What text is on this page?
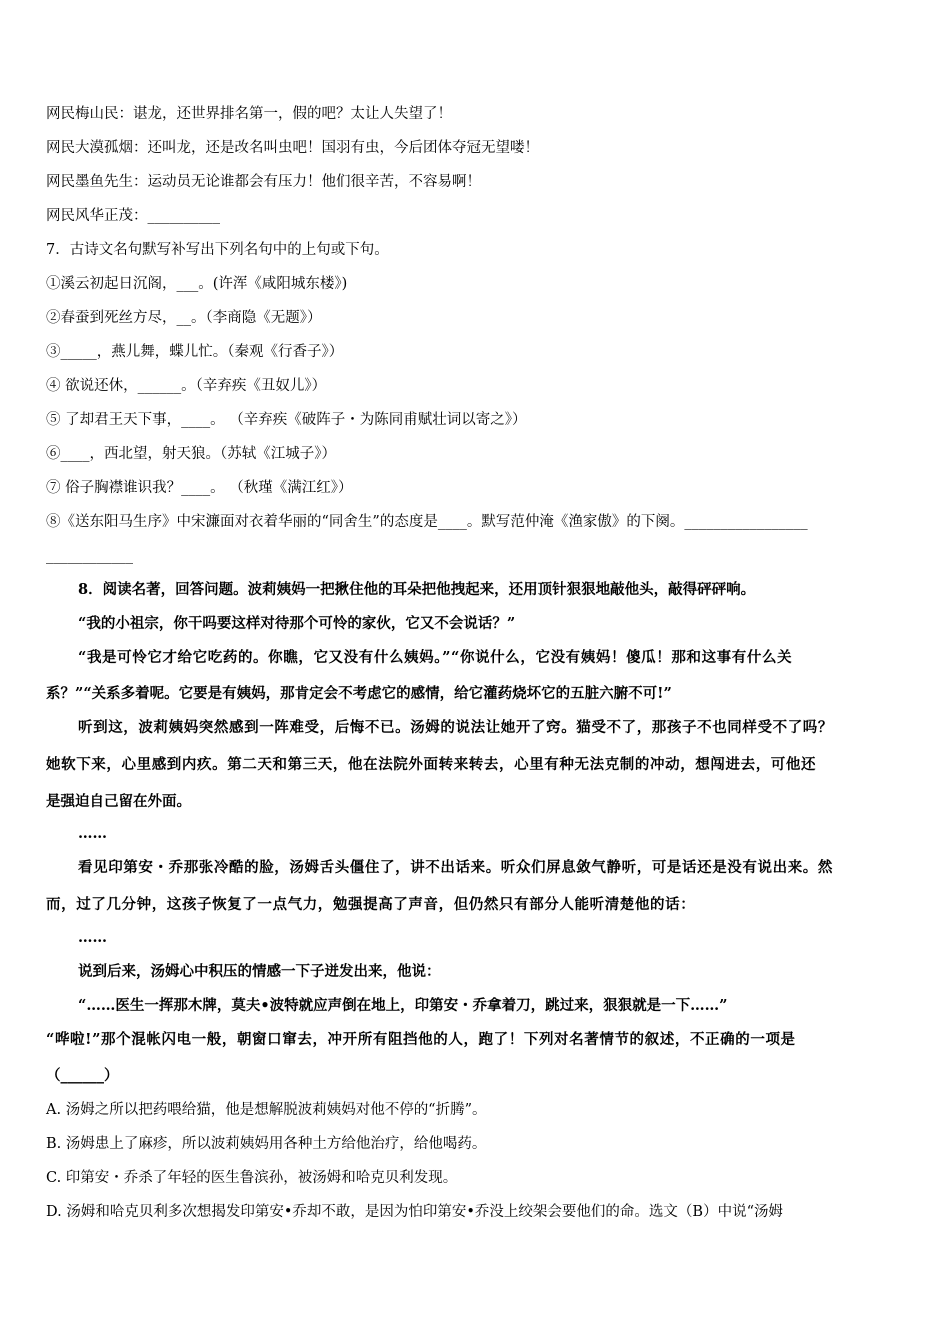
网民梅山民：谌龙，还世界排名第一，假的吧？太让人失望了！
网民大漠孤烟：还叫龙，还是改名叫虫吧！国羽有虫，今后团体夺冠无望喽！
网民墨鱼先生：运动员无论谁都会有压力！他们很辛苦，不容易啊！
网民风华正茂：__________
7．古诗文名句默写补写出下列名句中的上句或下句。
①溪云初起日沉阁，___。(许浑《咸阳城东楼》)
②春蚕到死丝方尽，__。（李商隐《无题》）
③_____，燕儿舞，蝶儿忙。（秦观《行香子》）
④ 欲说还休，______。（辛弃疾《丑奴儿》）
⑤ 了却君王天下事，____。 （辛弃疾《破阵子・为陈同甫赋壮词以寄之》）
⑥____，西北望，射天狼。（苏轼《江城子》）
⑦ 俗子胸襟谁识我？____。 （秋瑾《满江红》）
⑧《送东阳马生序》中宋濂面对衣着华丽的“同舍生”的态度是____。默写范仲淹《渔家傲》的下阕。_________________
____________
8．阅读名著，回答问题。波莉姨妈一把揪住他的耳朵把他拽起来，还用顶针狠狠地敲他头，敲得砰砰响。
“我的小祖宗，你干吗要这样对待那个可怜的家伙，它又不会说话？”
“我是可怜它才给它吃药的。你瞧，它又没有什么姨妈。”“你说什么，它没有姨妈！傻瓜！那和这事有什么关
系？”“关系多着呢。它要是有姨妈，那肯定会不考虑它的感情，给它灌药烧坏它的五脏六腑不可!”
听到这，波莉姨妈突然感到一阵难受，后悔不已。汤姆的说法让她开了窍。猫受不了，那孩子不也同样受不了吗？
她软下来，心里感到内疚。第二天和第三天，他在法院外面转来转去，心里有种无法克制的冲动，想闯进去，可他还
是强迫自己留在外面。
……
看见印第安・乔那张冷酷的脸，汤姆舌头僵住了，讲不出话来。听众们屏息敛气静听，可是话还是没有说出来。然
而，过了几分钟，这孩子恢复了一点气力，勉强提高了声音，但仍然只有部分人能听清楚他的话：
……
说到后来，汤姆心中积压的情感一下子迸发出来，他说：
“……医生一挥那木牌，莫夫•波特就应声倒在地上，印第安・乔拿着刀，跳过来，狠狠就是一下……”
“哗啦!”那个混帐闪电一般，朝窗口窜去，冲开所有阻挡他的人，跑了！下列对名著情节的叙述，不正确的一项是
（______）
A. 汤姆之所以把药喂给猫，他是想解脱波莉姨妈对他不停的“折腾”。
B. 汤姆患上了麻疹，所以波莉姨妈用各种土方给他治疗，给他喝药。
C. 印第安・乔杀了年轻的医生鲁滨孙，被汤姆和哈克贝利发现。
D. 汤姆和哈克贝利多次想揭发印第安•乔却不敢，是因为怕印第安•乔没上绞架会要他们的命。选文（B）中说“汤姆
